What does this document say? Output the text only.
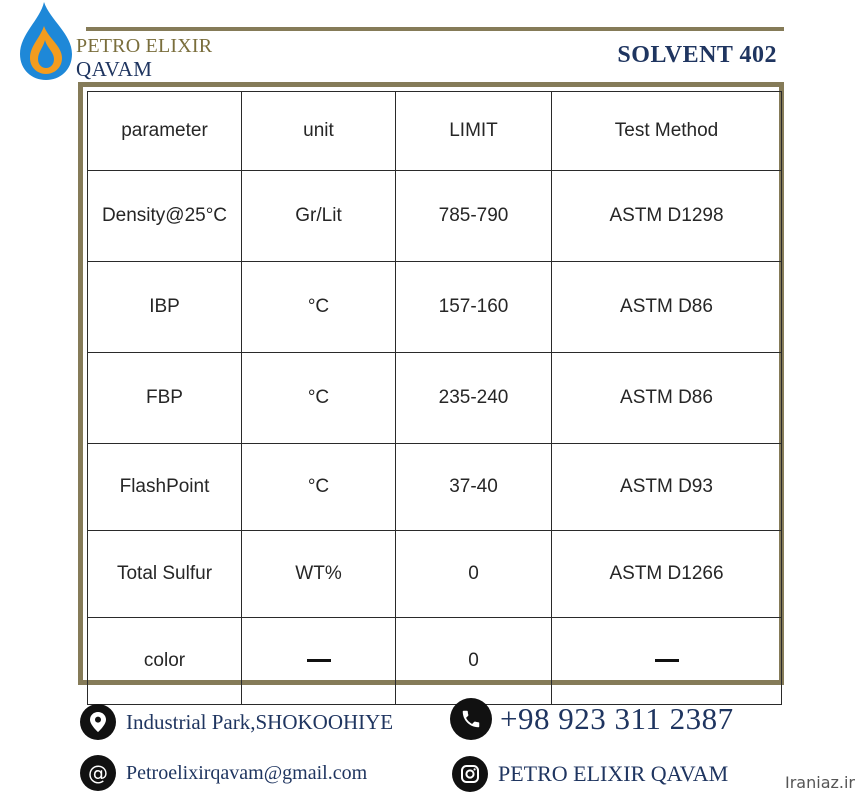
PETRO ELIXIR
QAVAM
SOLVENT 402
parameter	unit	LIMIT	Test Method
Density@25°C	Gr/Lit	785-790	ASTM D1298
IBP	°C	157-160	ASTM D86
FBP	°C	235-240	ASTM D86
FlashPoint	°C	37-40	ASTM D93
Total Sulfur	WT%	0	ASTM D1266
color		0	
Industrial Park,SHOKOOHIYE	+98 923 311 2387
@ Petroelixirqavam@gmail.com	PETRO ELIXIR QAVAM	Iraniaz.ir
